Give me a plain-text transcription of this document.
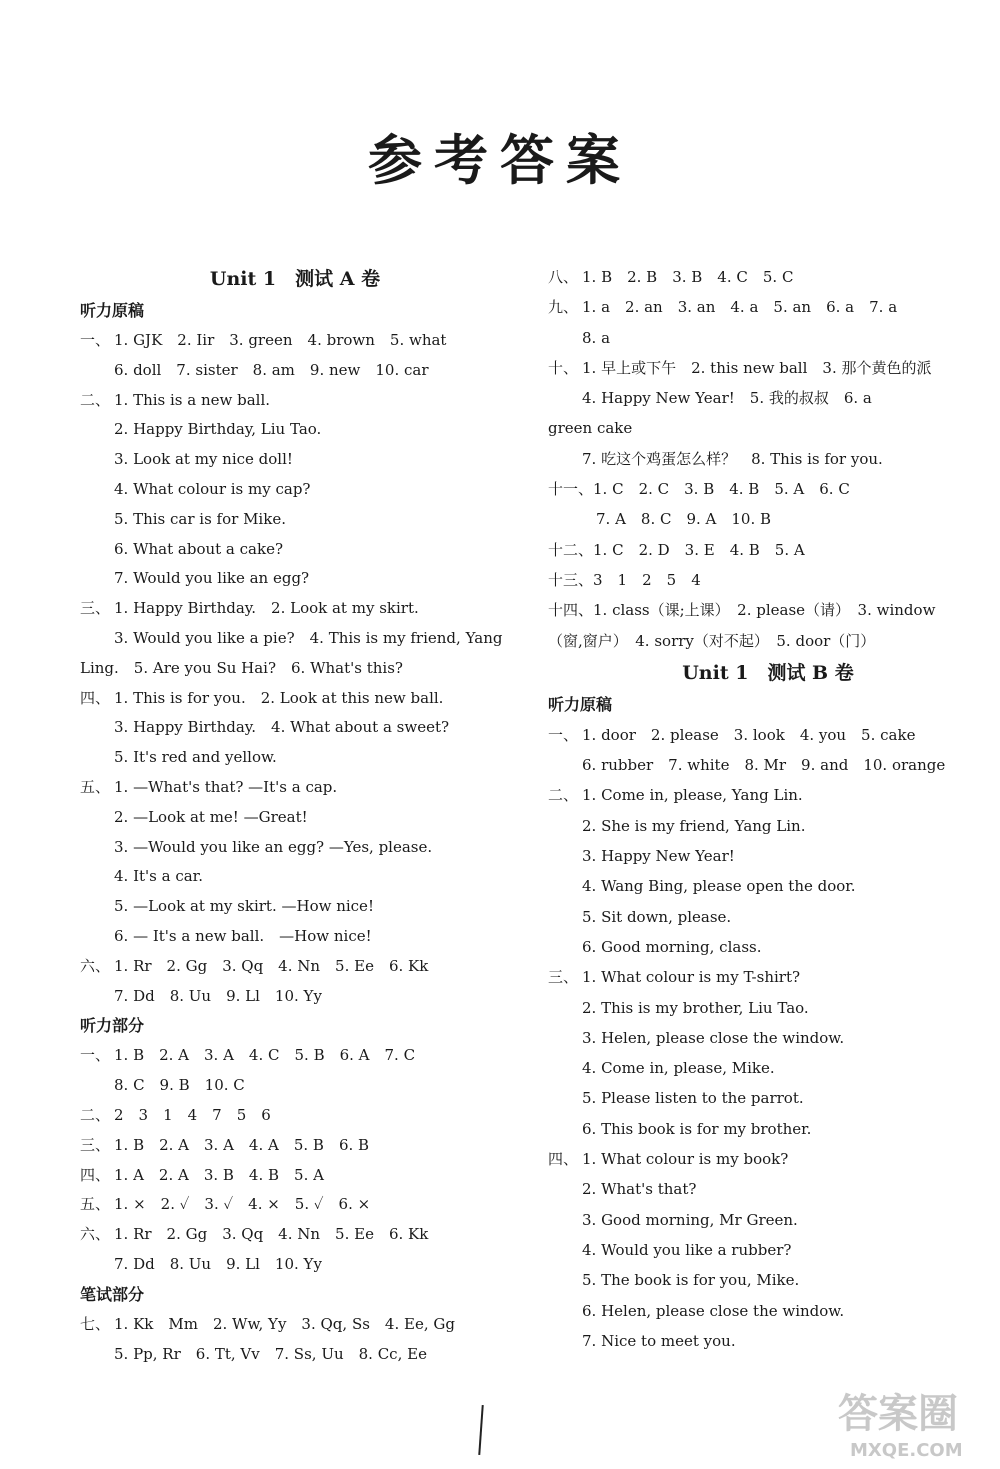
参考答案
Unit 1　测试 A 卷
听力原稿
一、 1. GJK　2. Iir　3. green　4. brown　5. what
6. doll　7. sister　8. am　9. new　10. car
二、 1. This is a new ball.
2. Happy Birthday, Liu Tao.
3. Look at my nice doll!
4. What colour is my cap?
5. This car is for Mike.
6. What about a cake?
7. Would you like an egg?
三、 1. Happy Birthday.　2. Look at my skirt.
3. Would you like a pie?　4. This is my friend, Yang
Ling.　5. Are you Su Hai?　6. What's this?
四、 1. This is for you.　2. Look at this new ball.
3. Happy Birthday.　4. What about a sweet?
5. It's red and yellow.
五、 1. —What's that? —It's a cap.
2. —Look at me! —Great!
3. —Would you like an egg? —Yes, please.
4. It's a car.
5. —Look at my skirt. —How nice!
6. — It's a new ball.　—How nice!
六、 1. Rr　2. Gg　3. Qq　4. Nn　5. Ee　6. Kk
7. Dd　8. Uu　9. Ll　10. Yy
听力部分
一、 1. B　2. A　3. A　4. C　5. B　6. A　7. C
8. C　9. B　10. C
二、 2　3　1　4　7　5　6
三、 1. B　2. A　3. A　4. A　5. B　6. B
四、 1. A　2. A　3. B　4. B　5. A
五、 1. ×　2. ✓　3. ✓　4. ×　5. ✓　6. ×
六、 1. Rr　2. Gg　3. Qq　4. Nn　5. Ee　6. Kk
7. Dd　8. Uu　9. Ll　10. Yy
笔试部分
七、 1. Kk　Mm　2. Ww, Yy　3. Qq, Ss　4. Ee, Gg
5. Pp, Rr　6. Tt, Vv　7. Ss, Uu　8. Cc, Ee
八、 1. B　2. B　3. B　4. C　5. C
九、 1. a　2. an　3. an　4. a　5. an　6. a　7. a
8. a
十、 1. 早上或下午　2. this new ball　3. 那个黄色的派
4. Happy New Year!　5. 我的叔叔　6. a
green cake
7. 吃这个鸡蛋怎么样？　8. This is for you.
十一、1. C　2. C　3. B　4. B　5. A　6. C
7. A　8. C　9. A　10. B
十二、1. C　2. D　3. E　4. B　5. A
十三、3　1　2　5　4
十四、1. class（课;上课）　2. please（请）　3. window
（窗,窗户）　4. sorry（对不起）　5. door（门）
Unit 1　测试 B 卷
听力原稿
一、 1. door　2. please　3. look　4. you　5. cake
6. rubber　7. white　8. Mr　9. and　10. orange
二、 1. Come in, please, Yang Lin.
2. She is my friend, Yang Lin.
3. Happy New Year!
4. Wang Bing, please open the door.
5. Sit down, please.
6. Good morning, class.
三、 1. What colour is my T-shirt?
2. This is my brother, Liu Tao.
3. Helen, please close the window.
4. Come in, please, Mike.
5. Please listen to the parrot.
6. This book is for my brother.
四、 1. What colour is my book?
2. What's that?
3. Good morning, Mr Green.
4. Would you like a rubber?
5. The book is for you, Mike.
6. Helen, please close the window.
7. Nice to meet you.
答案圈
MXQE.COM
